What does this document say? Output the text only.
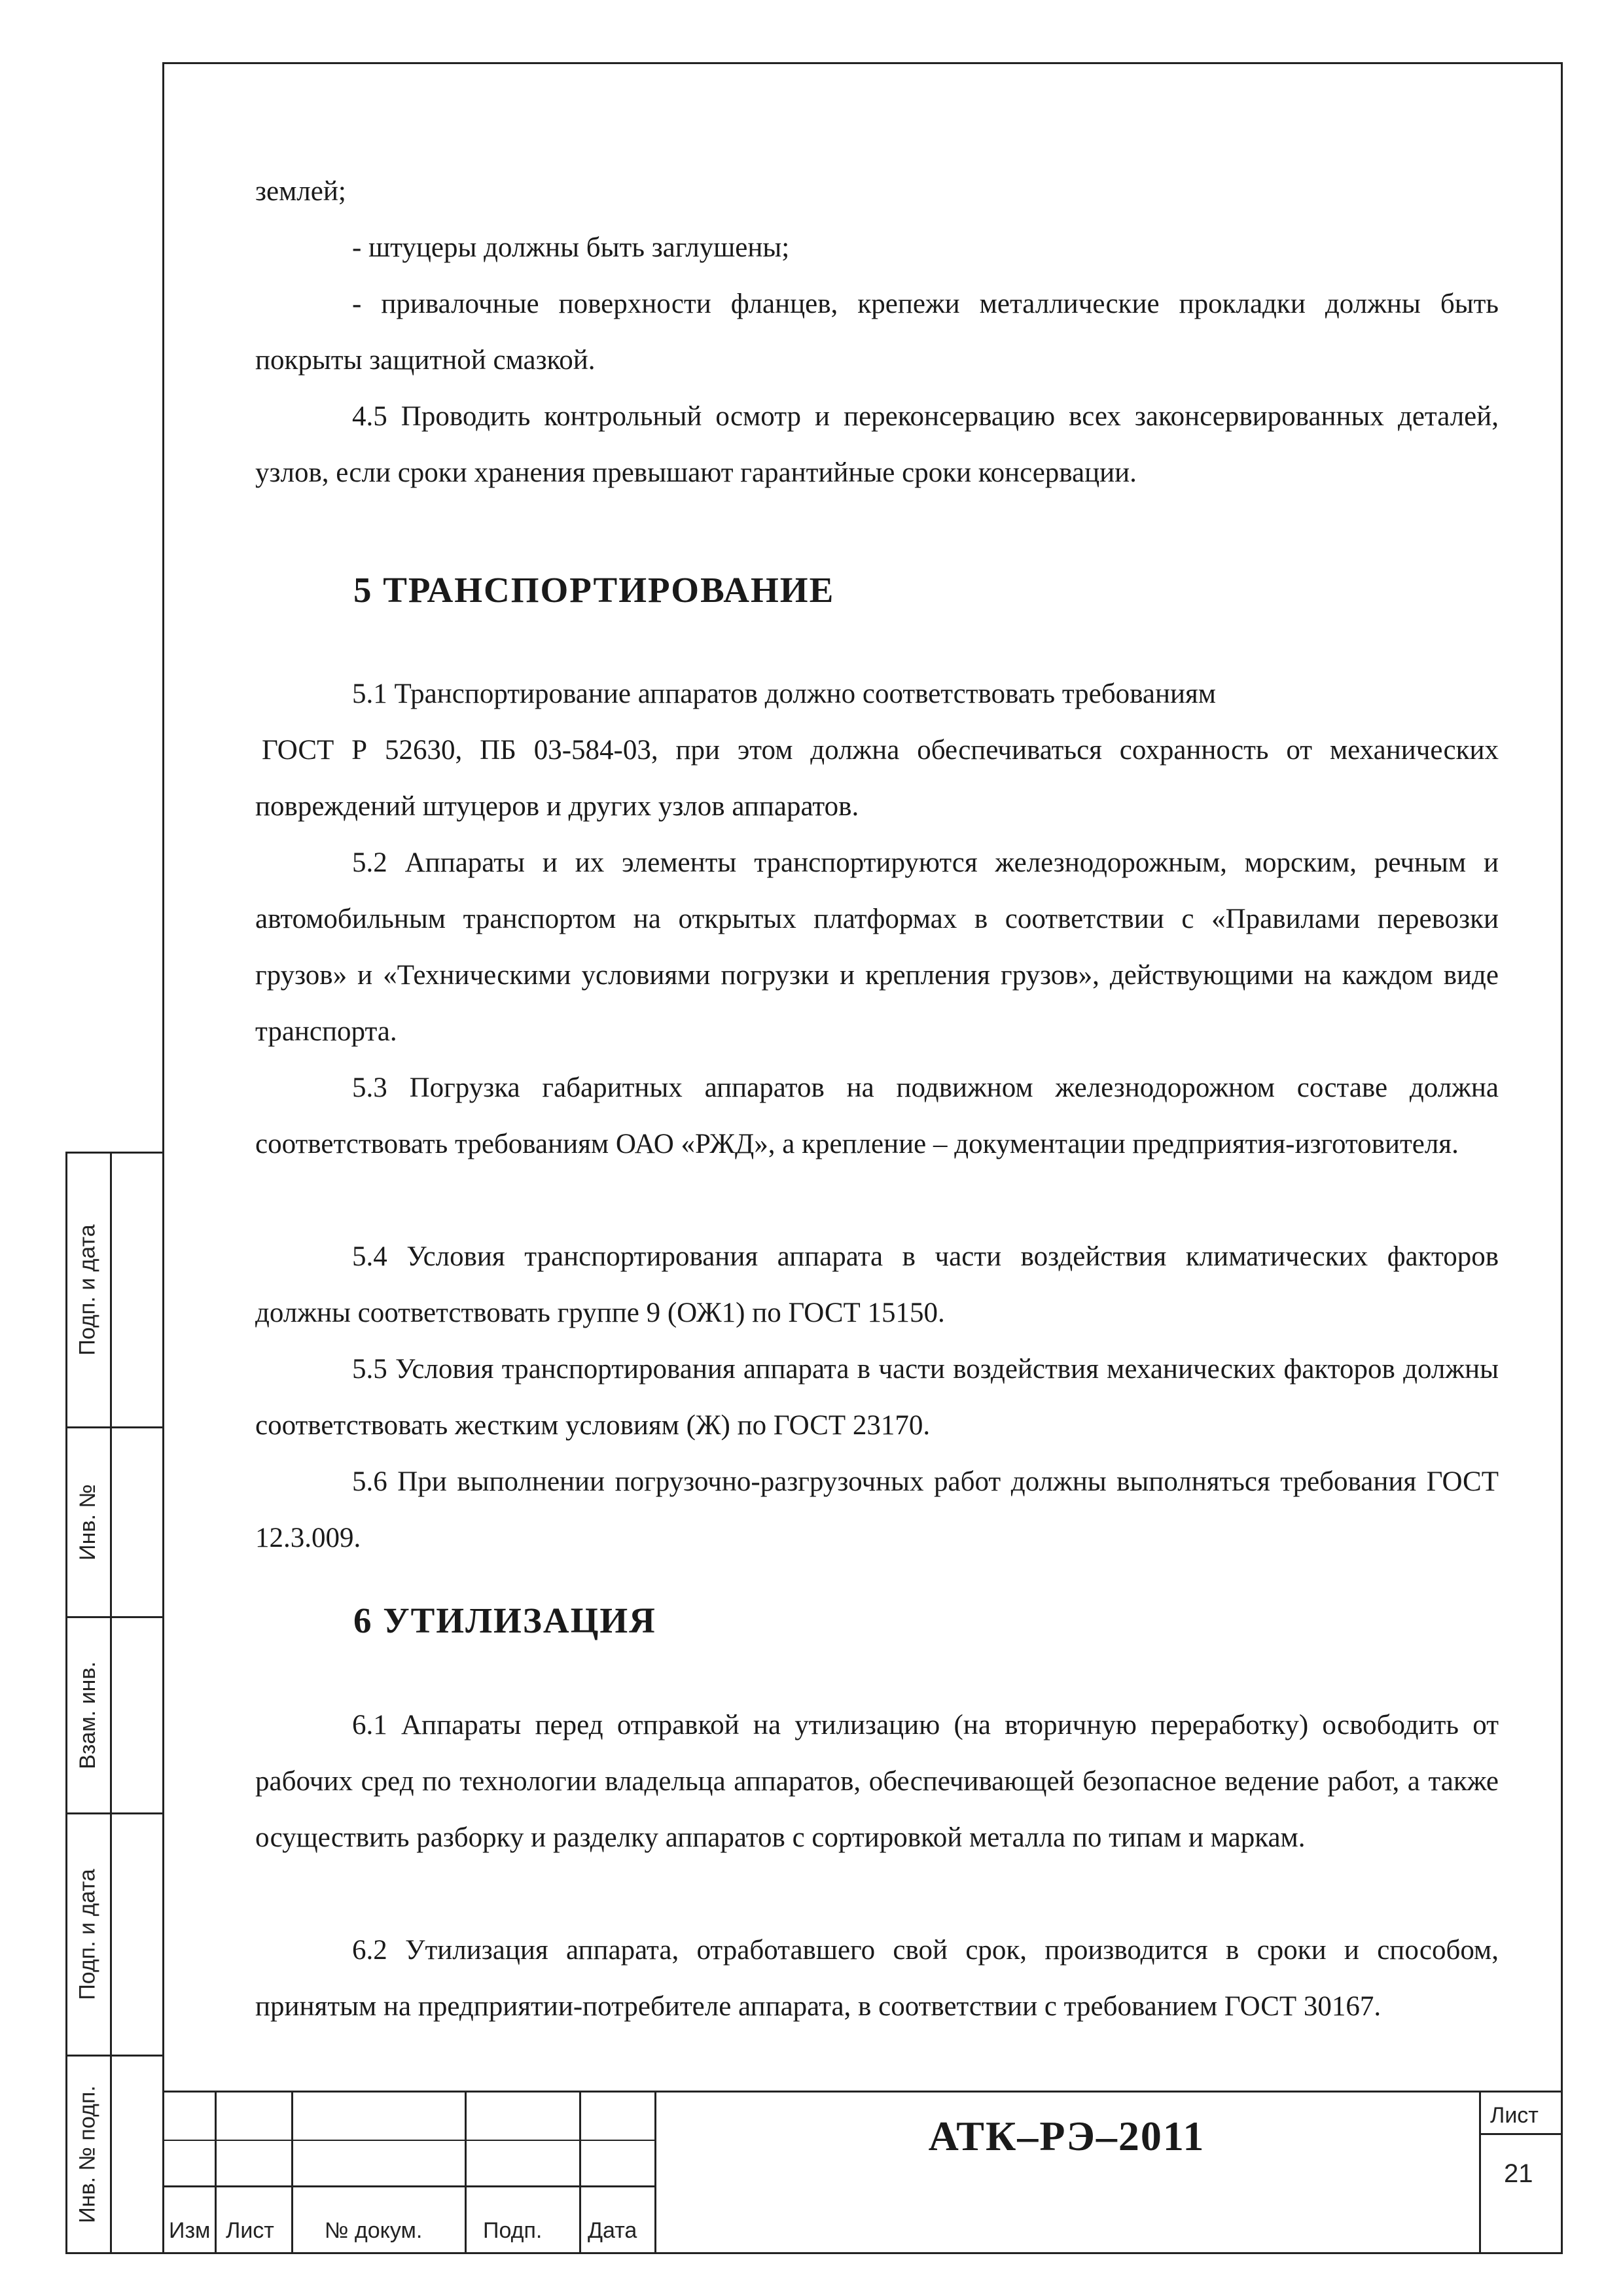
Подп. и дата
Инв. №
Взам. инв.
Подп. и дата
Инв. № подп.

землей;

- штуцеры должны быть заглушены;

- привалочные поверхности фланцев, крепежи металлические прокладки должны быть покрыты защитной смазкой.

4.5 Проводить контрольный осмотр и переконсервацию всех законсервированных деталей, узлов, если сроки хранения превышают гарантийные сроки консервации.

5 ТРАНСПОРТИРОВАНИЕ

5.1 Транспортирование аппаратов должно соответствовать требованиям

ГОСТ Р 52630, ПБ 03-584-03, при этом должна обеспечиваться сохранность от механических повреждений штуцеров и других узлов аппаратов.

5.2 Аппараты и их элементы транспортируются железнодорожным, морским, речным и автомобильным транспортом на открытых платформах в соответствии с «Правилами перевозки грузов» и «Техническими условиями погрузки и крепления грузов», действующими на каждом виде транспорта.

5.3 Погрузка габаритных аппаратов на подвижном железнодорожном составе должна соответствовать требованиям ОАО «РЖД», а крепление – документации предприятия-изготовителя.

5.4 Условия транспортирования аппарата в части воздействия климатических факторов должны соответствовать группе 9 (ОЖ1) по ГОСТ 15150.

5.5 Условия транспортирования аппарата в части воздействия механических факторов должны соответствовать жестким условиям (Ж) по ГОСТ 23170.

5.6 При выполнении погрузочно-разгрузочных работ должны выполняться требования ГОСТ 12.3.009.

6 УТИЛИЗАЦИЯ

6.1 Аппараты перед отправкой на утилизацию (на вторичную переработку) освободить от рабочих сред по технологии владельца аппаратов, обеспечивающей безопасное ведение работ, а также осуществить разборку и разделку аппаратов с сортировкой металла по типам и маркам.

6.2 Утилизация аппарата, отработавшего свой срок, производится в сроки и способом, принятым на предприятии-потребителе аппарата, в соответствии с требованием ГОСТ 30167.

Изм Лист № докум.	Подп. Дата
АТК–РЭ–2011	Лист
21
